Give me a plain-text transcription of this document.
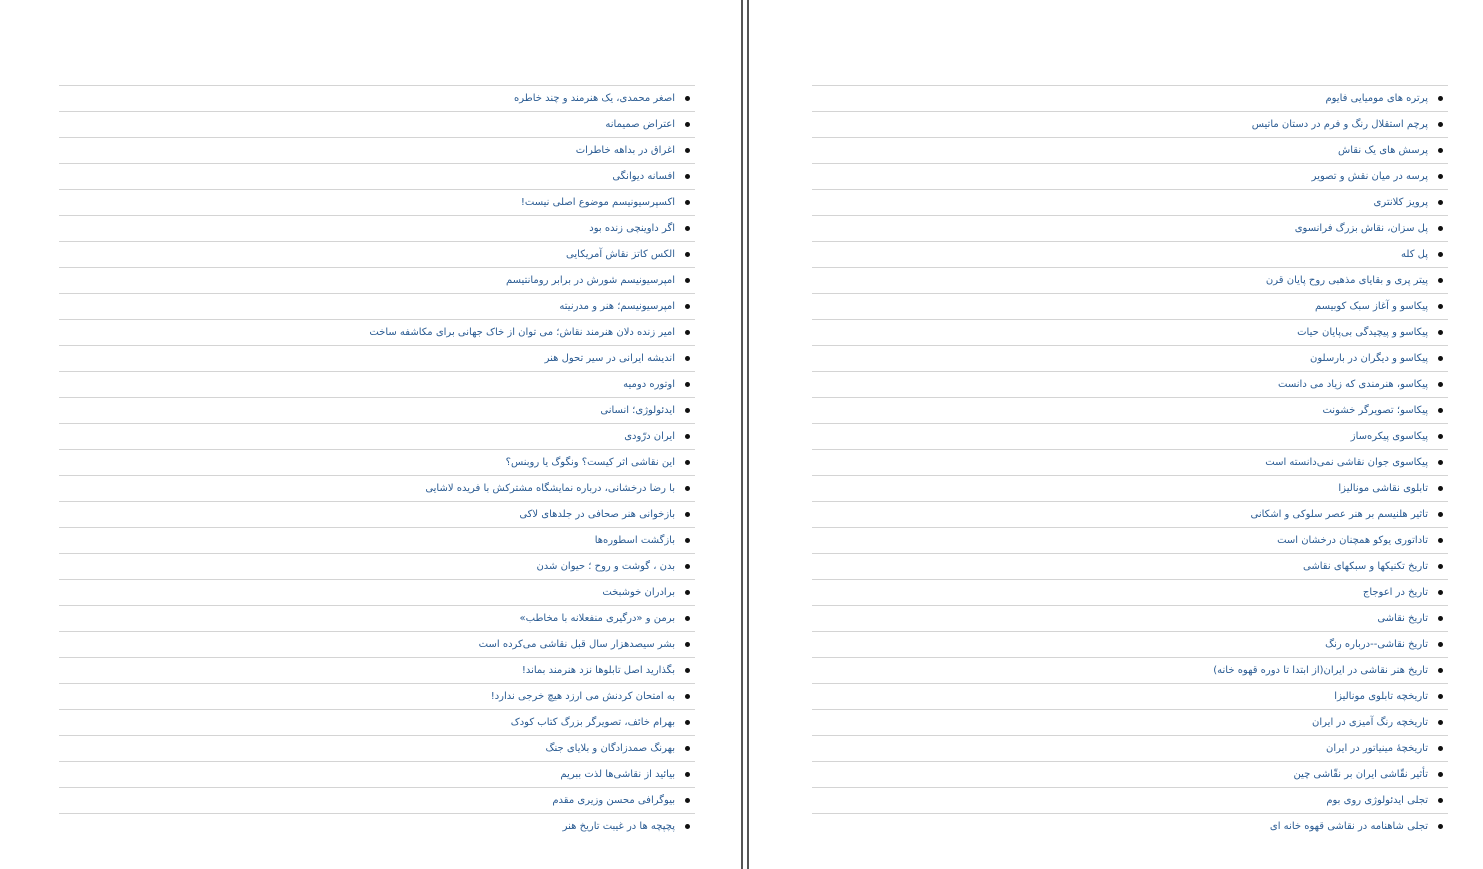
پرتره های مومیایی فایوم
پرچم استقلال رنگ و فرم در دستان ماتیس
پرسش های یک نقاش
پرسه در میان نقش و تصویر
پرویز کلانتری
پل سزان، نقاش بزرگ فرانسوی
پل کله
پیتر پری و بقایای مذهبی روح پایان قرن
پیکاسو و آغاز سبک کوبیسم
پیکاسو و پیچیدگی بی‌پایان حیات
پیکاسو و دیگران در بارسلون
پیکاسو، هنرمندی که زیاد می دانست
پیکاسو؛ تصویرگر خشونت
پیکاسوی پیکره‌ساز
پیکاسوی جوان نقاشی نمی‌دانسته است
تابلوی نقاشی مونالیزا
تاثیر هلنیسم بر هنر عصر سلوکی و اشکانی
تاداتوری یوکو همچنان درخشان است
تاریخ تکنیکها و سبکهای نقاشی
تاریخ در اعوجاج
تاریخ نقاشی
تاریخ نقاشی--درباره رنگ
تاریخ هنر نقاشی در ایران(از ابتدا تا دوره قهوه خانه)
تاریخچه تابلوی مونالیزا
تاریخچه رنگ آمیزی در ایران
تاریخچۀ مینیاتور در ایران
تأثیر نقّاشی ایران بر نقّاشی چین
تجلی ایدئولوژی روی بوم
تجلی شاهنامه در نقاشی قهوه خانه ای
اصغر محمدی، یک هنرمند و چند خاطره
اعتراض صمیمانه
اغراق در بداهه خاطرات
افسانه دیوانگی
اکسپرسیونیسم موضوع اصلی نیست!
اگر داوینچی زنده بود
الکس کاتز نقاش آمریکایی
امپرسیونیسم شورش در برابر رومانتیسم
امپرسیونیسم؛ هنر و مدرنیته
امیر زنده دلان هنرمند نقاش؛ می توان از خاک جهانی برای مکاشفه ساخت
اندیشه ایرانی در سیر تحول هنر
اوتوره دومیه
ایدئولوژی؛ انسانی
ایران درّودی
این نقاشی اثر کیست؟ ونگوگ یا روبنس؟
با رضا درخشانی، درباره نمایشگاه مشترکش با فریده لاشایی
بازخوانی هنر صحافی در جلدهای لاکی
بازگشت اسطوره‌ها
بدن ، گوشت و روح ؛ حیوان شدن
برادران خوشبخت
برمن و «درگیری منفعلانه با مخاطب»
بشر سیصدهزار سال قبل نقاشی می‌کرده است
بگذارید اصل تابلوها نزد هنرمند بماند!
به امتحان کردنش می ارزد هیچ خرجی ندارد!
بهرام خائف، تصویرگر بزرگ کتاب کودک
بهرنگ صمدزادگان و بلایای جنگ
بیائید از نقاشی‌ها لذت ببریم
بیوگرافی محسن وزیری مقدم
پچپچه ها در غیبت تاریخ هنر
